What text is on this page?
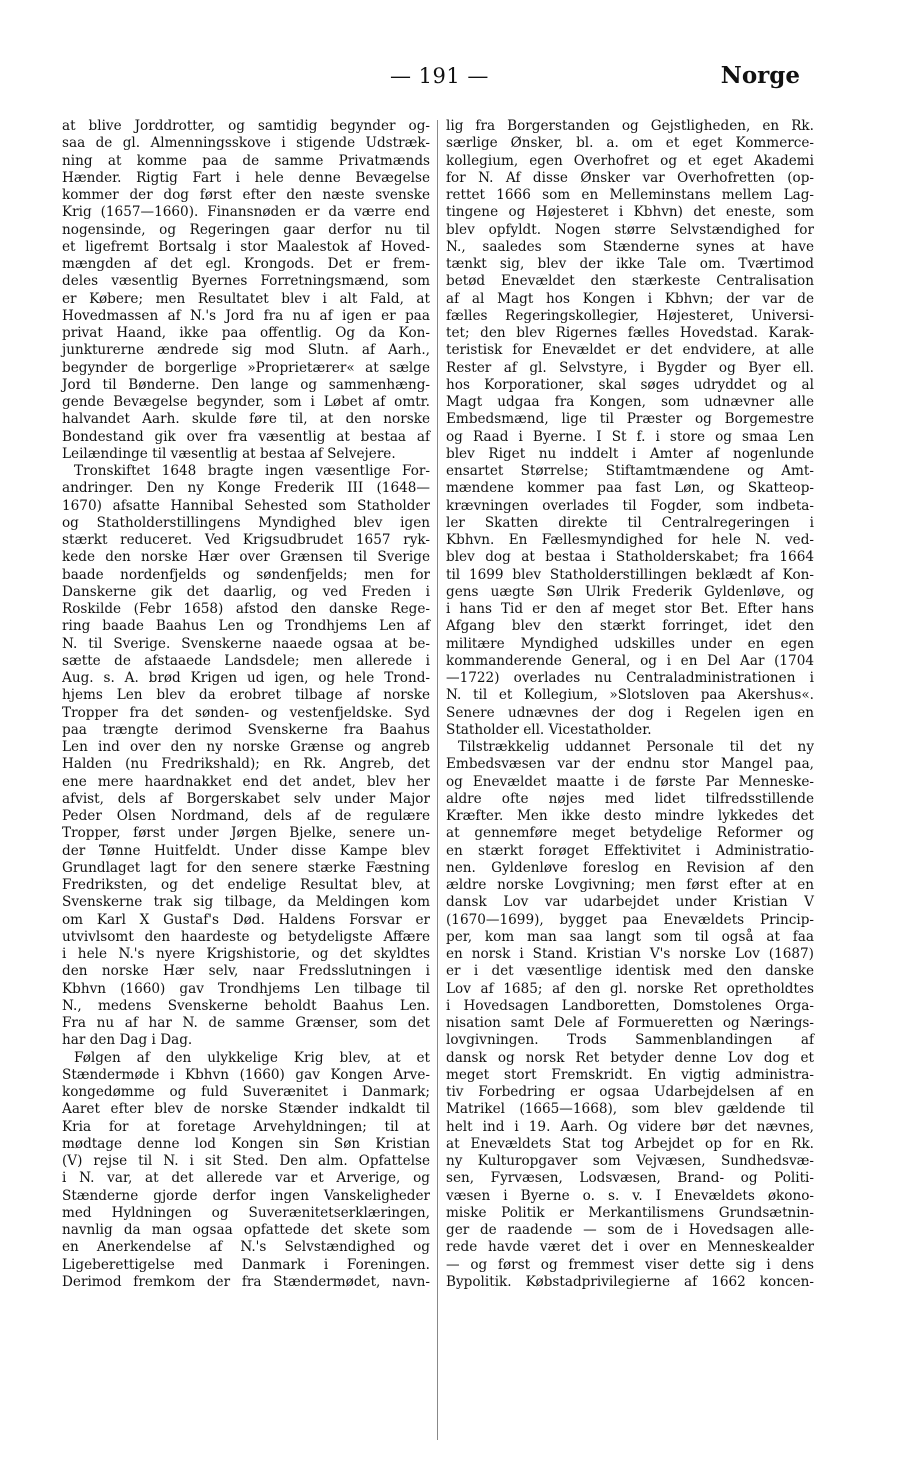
— 191 —	Norge
at blive Jorddrotter, og samtidig begynder og-
saa de gl. Almenningsskove i stigende Udstræk-
ning at komme paa de samme Privatmænds
Hænder. Rigtig Fart i hele denne Bevægelse
kommer der dog først efter den næste svenske
Krig (1657—1660). Finansnøden er da værre end
nogensinde, og Regeringen gaar derfor nu til
et ligefremt Bortsalg i stor Maalestok af Hoved-
mængden af det egl. Krongods. Det er frem-
deles væsentlig Byernes Forretningsmænd, som
er Købere; men Resultatet blev i alt Fald, at
Hovedmassen af N.'s Jord fra nu af igen er paa
privat Haand, ikke paa offentlig. Og da Kon-
junkturerne ændrede sig mod Slutn. af Aarh.,
begynder de borgerlige »Proprietærer« at sælge
Jord til Bønderne. Den lange og sammenhæng-
gende Bevægelse begynder, som i Løbet af omtr.
halvandet Aarh. skulde føre til, at den norske
Bondestand gik over fra væsentlig at bestaa af
Leilændinge til væsentlig at bestaa af Selvejere.
Tronskiftet 1648 bragte ingen væsentlige For-
andringer. Den ny Konge Frederik III (1648—
1670) afsatte Hannibal Sehested som Statholder
og Statholderstillingens Myndighed blev igen
stærkt reduceret. Ved Krigsudbrudet 1657 ryk-
kede den norske Hær over Grænsen til Sverige
baade nordenfjelds og søndenfjelds; men for
Danskerne gik det daarlig, og ved Freden i
Roskilde (Febr 1658) afstod den danske Rege-
ring baade Baahus Len og Trondhjems Len af
N. til Sverige. Svenskerne naaede ogsaa at be-
sætte de afstaaede Landsdele; men allerede i
Aug. s. A. brød Krigen ud igen, og hele Trond-
hjems Len blev da erobret tilbage af norske
Tropper fra det sønden- og vestenfjeldske. Syd
paa trængte derimod Svenskerne fra Baahus
Len ind over den ny norske Grænse og angreb
Halden (nu Fredrikshald); en Rk. Angreb, det
ene mere haardnakket end det andet, blev her
afvist, dels af Borgerskabet selv under Major
Peder Olsen Nordmand, dels af de regulære
Tropper, først under Jørgen Bjelke, senere un-
der Tønne Huitfeldt. Under disse Kampe blev
Grundlaget lagt for den senere stærke Fæstning
Fredriksten, og det endelige Resultat blev, at
Svenskerne trak sig tilbage, da Meldingen kom
om Karl X Gustaf's Død. Haldens Forsvar er
utvivlsomt den haardeste og betydeligste Affære
i hele N.'s nyere Krigshistorie, og det skyldtes
den norske Hær selv, naar Fredsslutningen i
Kbhvn (1660) gav Trondhjems Len tilbage til
N., medens Svenskerne beholdt Baahus Len.
Fra nu af har N. de samme Grænser, som det
har den Dag i Dag.
Følgen af den ulykkelige Krig blev, at et
Stændermøde i Kbhvn (1660) gav Kongen Arve-
kongedømme og fuld Suverænitet i Danmark;
Aaret efter blev de norske Stænder indkaldt til
Kria for at foretage Arvehyldningen; til at
mødtage denne lod Kongen sin Søn Kristian
(V) rejse til N. i sit Sted. Den alm. Opfattelse
i N. var, at det allerede var et Arverige, og
Stænderne gjorde derfor ingen Vanskeligheder
med Hyldningen og Suverænitetserklæringen,
navnlig da man ogsaa opfattede det skete som
en Anerkendelse af N.'s Selvstændighed og
Ligeberettigelse med Danmark i Foreningen.
Derimod fremkom der fra Stændermødet, navn-
lig fra Borgerstanden og Gejstligheden, en Rk.
særlige Ønsker, bl. a. om et eget Kommerce-
kollegium, egen Overhofret og et eget Akademi
for N. Af disse Ønsker var Overhofretten (op-
rettet 1666 som en Melleminstans mellem Lag-
tingene og Højesteret i Kbhvn) det eneste, som
blev opfyldt. Nogen større Selvstændighed for
N., saaledes som Stænderne synes at have
tænkt sig, blev der ikke Tale om. Tværtimod
betød Enevældet den stærkeste Centralisation
af al Magt hos Kongen i Kbhvn; der var de
fælles Regeringskollegier, Højesteret, Universi-
tet; den blev Rigernes fælles Hovedstad. Karak-
teristisk for Enevældet er det endvidere, at alle
Rester af gl. Selvstyre, i Bygder og Byer ell.
hos Korporationer, skal søges udryddet og al
Magt udgaa fra Kongen, som udnævner alle
Embedsmænd, lige til Præster og Borgemestre
og Raad i Byerne. I St f. i store og smaa Len
blev Riget nu inddelt i Amter af nogenlunde
ensartet Størrelse; Stiftamtmændene og Amt-
mændene kommer paa fast Løn, og Skatteop-
krævningen overlades til Fogder, som indbeta-
ler Skatten direkte til Centralregeringen i
Kbhvn. En Fællesmyndighed for hele N. ved-
blev dog at bestaa i Statholderskabet; fra 1664
til 1699 blev Statholderstillingen beklædt af Kon-
gens uægte Søn Ulrik Frederik Gyldenløve, og
i hans Tid er den af meget stor Bet. Efter hans
Afgang blev den stærkt forringet, idet den
militære Myndighed udskilles under en egen
kommanderende General, og i en Del Aar (1704
—1722) overlades nu Centraladministrationen i
N. til et Kollegium, »Slotsloven paa Akershus«.
Senere udnævnes der dog i Regelen igen en
Statholder ell. Vicestatholder.
Tilstrækkelig uddannet Personale til det ny
Embedsvæsen var der endnu stor Mangel paa,
og Enevældet maatte i de første Par Menneske-
aldre ofte nøjes med lidet tilfredsstillende
Kræfter. Men ikke desto mindre lykkedes det
at gennemføre meget betydelige Reformer og
en stærkt forøget Effektivitet i Administratio-
nen. Gyldenløve foreslog en Revision af den
ældre norske Lovgivning; men først efter at en
dansk Lov var udarbejdet under Kristian V
(1670—1699), bygget paa Enevældets Princip-
per, kom man saa langt som til også at faa
en norsk i Stand. Kristian V's norske Lov (1687)
er i det væsentlige identisk med den danske
Lov af 1685; af den gl. norske Ret opretholdtes
i Hovedsagen Landboretten, Domstolenes Orga-
nisation samt Dele af Formueretten og Nærings-
lovgivningen. Trods Sammenblandingen af
dansk og norsk Ret betyder denne Lov dog et
meget stort Fremskridt. En vigtig administra-
tiv Forbedring er ogsaa Udarbejdelsen af en
Matrikel (1665—1668), som blev gældende til
helt ind i 19. Aarh. Og videre bør det nævnes,
at Enevældets Stat tog Arbejdet op for en Rk.
ny Kulturopgaver som Vejvæsen, Sundhedsvæ-
sen, Fyrvæsen, Lodsvæsen, Brand- og Politi-
væsen i Byerne o. s. v. I Enevældets økono-
miske Politik er Merkantilismens Grundsætnin-
ger de raadende — som de i Hovedsagen alle-
rede havde været det i over en Menneskealder
— og først og fremmest viser dette sig i dens
Bypolitik. Købstadprivilegierne af 1662 koncen-
